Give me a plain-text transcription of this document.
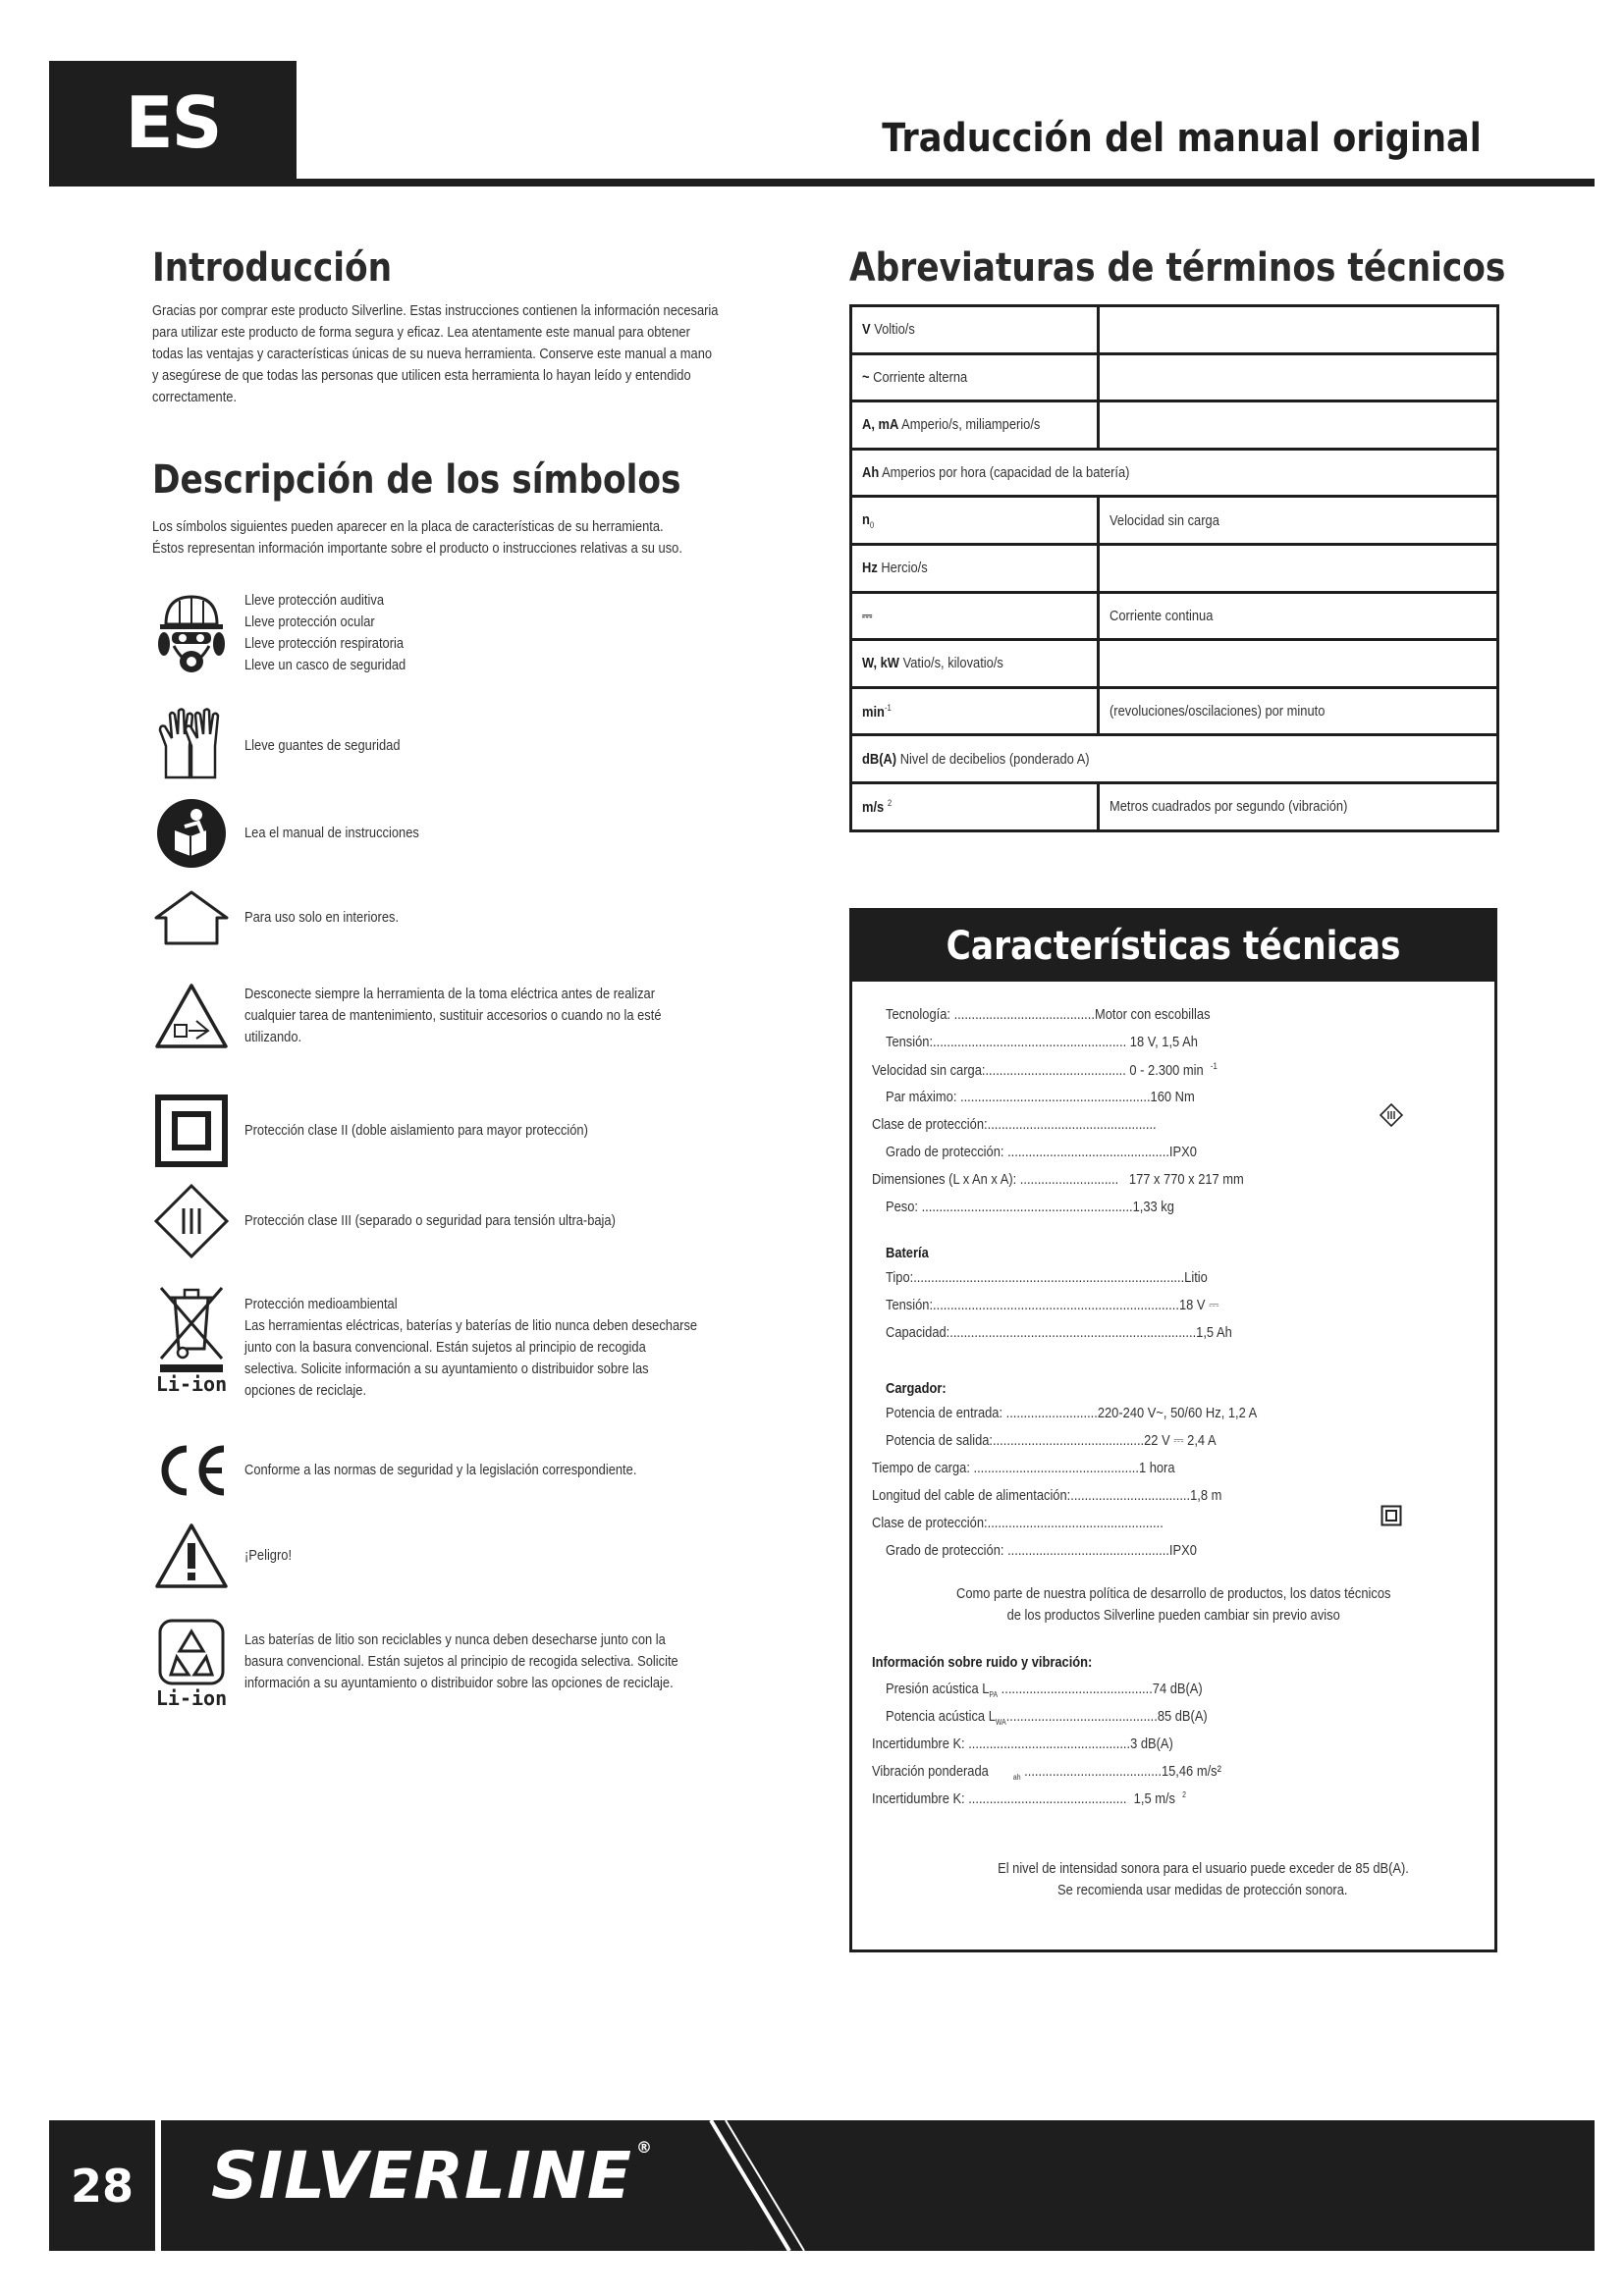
ES	Traducción del manual original
Introducción
Gracias por comprar este producto Silverline. Estas instrucciones contienen la información necesaria
para utilizar este producto de forma segura y eficaz. Lea atentamente este manual para obtener
todas las ventajas y características únicas de su nueva herramienta. Conserve este manual a mano
y asegúrese de que todas las personas que utilicen esta herramienta lo hayan leído y entendido
correctamente.
Descripción de los símbolos
Los símbolos siguientes pueden aparecer en la placa de características de su herramienta.
Éstos representan información importante sobre el producto o instrucciones relativas a su uso.
Lleve protección auditiva
Lleve protección ocular
Lleve protección respiratoria
Lleve un casco de seguridad
Lleve guantes de seguridad
Lea el manual de instrucciones
Para uso solo en interiores.
Desconecte siempre la herramienta de la toma eléctrica antes de realizar
cualquier tarea de mantenimiento, sustituir accesorios o cuando no la esté
utilizando.
Protección clase II (doble aislamiento para mayor protección)
Protección clase III (separado o seguridad para tensión ultra-baja)
Li-ion
Protección medioambiental
Las herramientas eléctricas, baterías y baterías de litio nunca deben desecharse
junto con la basura convencional. Están sujetos al principio de recogida
selectiva. Solicite información a su ayuntamiento o distribuidor sobre las
opciones de reciclaje.
Conforme a las normas de seguridad y la legislación correspondiente.
¡Peligro!
Li-ion
Las baterías de litio son reciclables y nunca deben desecharse junto con la
basura convencional. Están sujetos al principio de recogida selectiva. Solicite
información a su ayuntamiento o distribuidor sobre las opciones de reciclaje.
Abreviaturas de términos técnicos
V Voltio/s	
~ Corriente alterna	
A, mA Amperio/s, miliamperio/s	
Ah Amperios por hora (capacidad de la batería)	
$n_0$	Velocidad sin carga
Hz Hercio/s	
⎓	Corriente continua
W, kW Vatio/s, kilovatio/s	
$\min^{-1}$	(revoluciones/oscilaciones) por minuto
dB(A) Nivel de decibelios (ponderado A)	
m/s $^2$	Metros cuadrados por segundo (vibración)
Características técnicas
Tecnología: ........................................Motor con escobillas
Tensión:....................................................... 18 V, 1,5 Ah
Velocidad sin carga:........................................ 0 - 2.300 min $^{-1}$
Par máximo: ......................................................160 Nm
Clase de protección:................................................
Grado de protección: ..............................................IPX0
Dimensiones (L x An x A): ............................   177 x 770 x 217 mm
Peso: ............................................................1,33 kg
Batería
Tipo:.............................................................................Litio
Tensión:......................................................................18 V ⎓
Capacidad:......................................................................1,5 Ah
Cargador:
Potencia de entrada: ..........................220-240 V~, 50/60 Hz, 1,2 A
Potencia de salida:...........................................22 V ⎓ 2,4 A
Tiempo de carga: ...............................................1 hora
Longitud del cable de alimentación:..................................1,8 m
Clase de protección:..................................................
Grado de protección: ..............................................IPX0
Como parte de nuestra política de desarrollo de productos, los datos técnicos
de los productos Silverline pueden cambiar sin previo aviso
Información sobre ruido y vibración:
Presión acústica $L_{PA}$ ...........................................74 dB(A)
Potencia acústica $L_{WA}...........................................85$ dB(A)
Incertidumbre K: ..............................................3 dB(A)
Vibración ponderada	$_{ah}$ .......................................15,46 m/s²
Incertidumbre K: .............................................  1,5 m/s $^2$
El nivel de intensidad sonora para el usuario puede exceder de 85 dB(A).
Se recomienda usar medidas de protección sonora.
28 SILVERLINE ®
